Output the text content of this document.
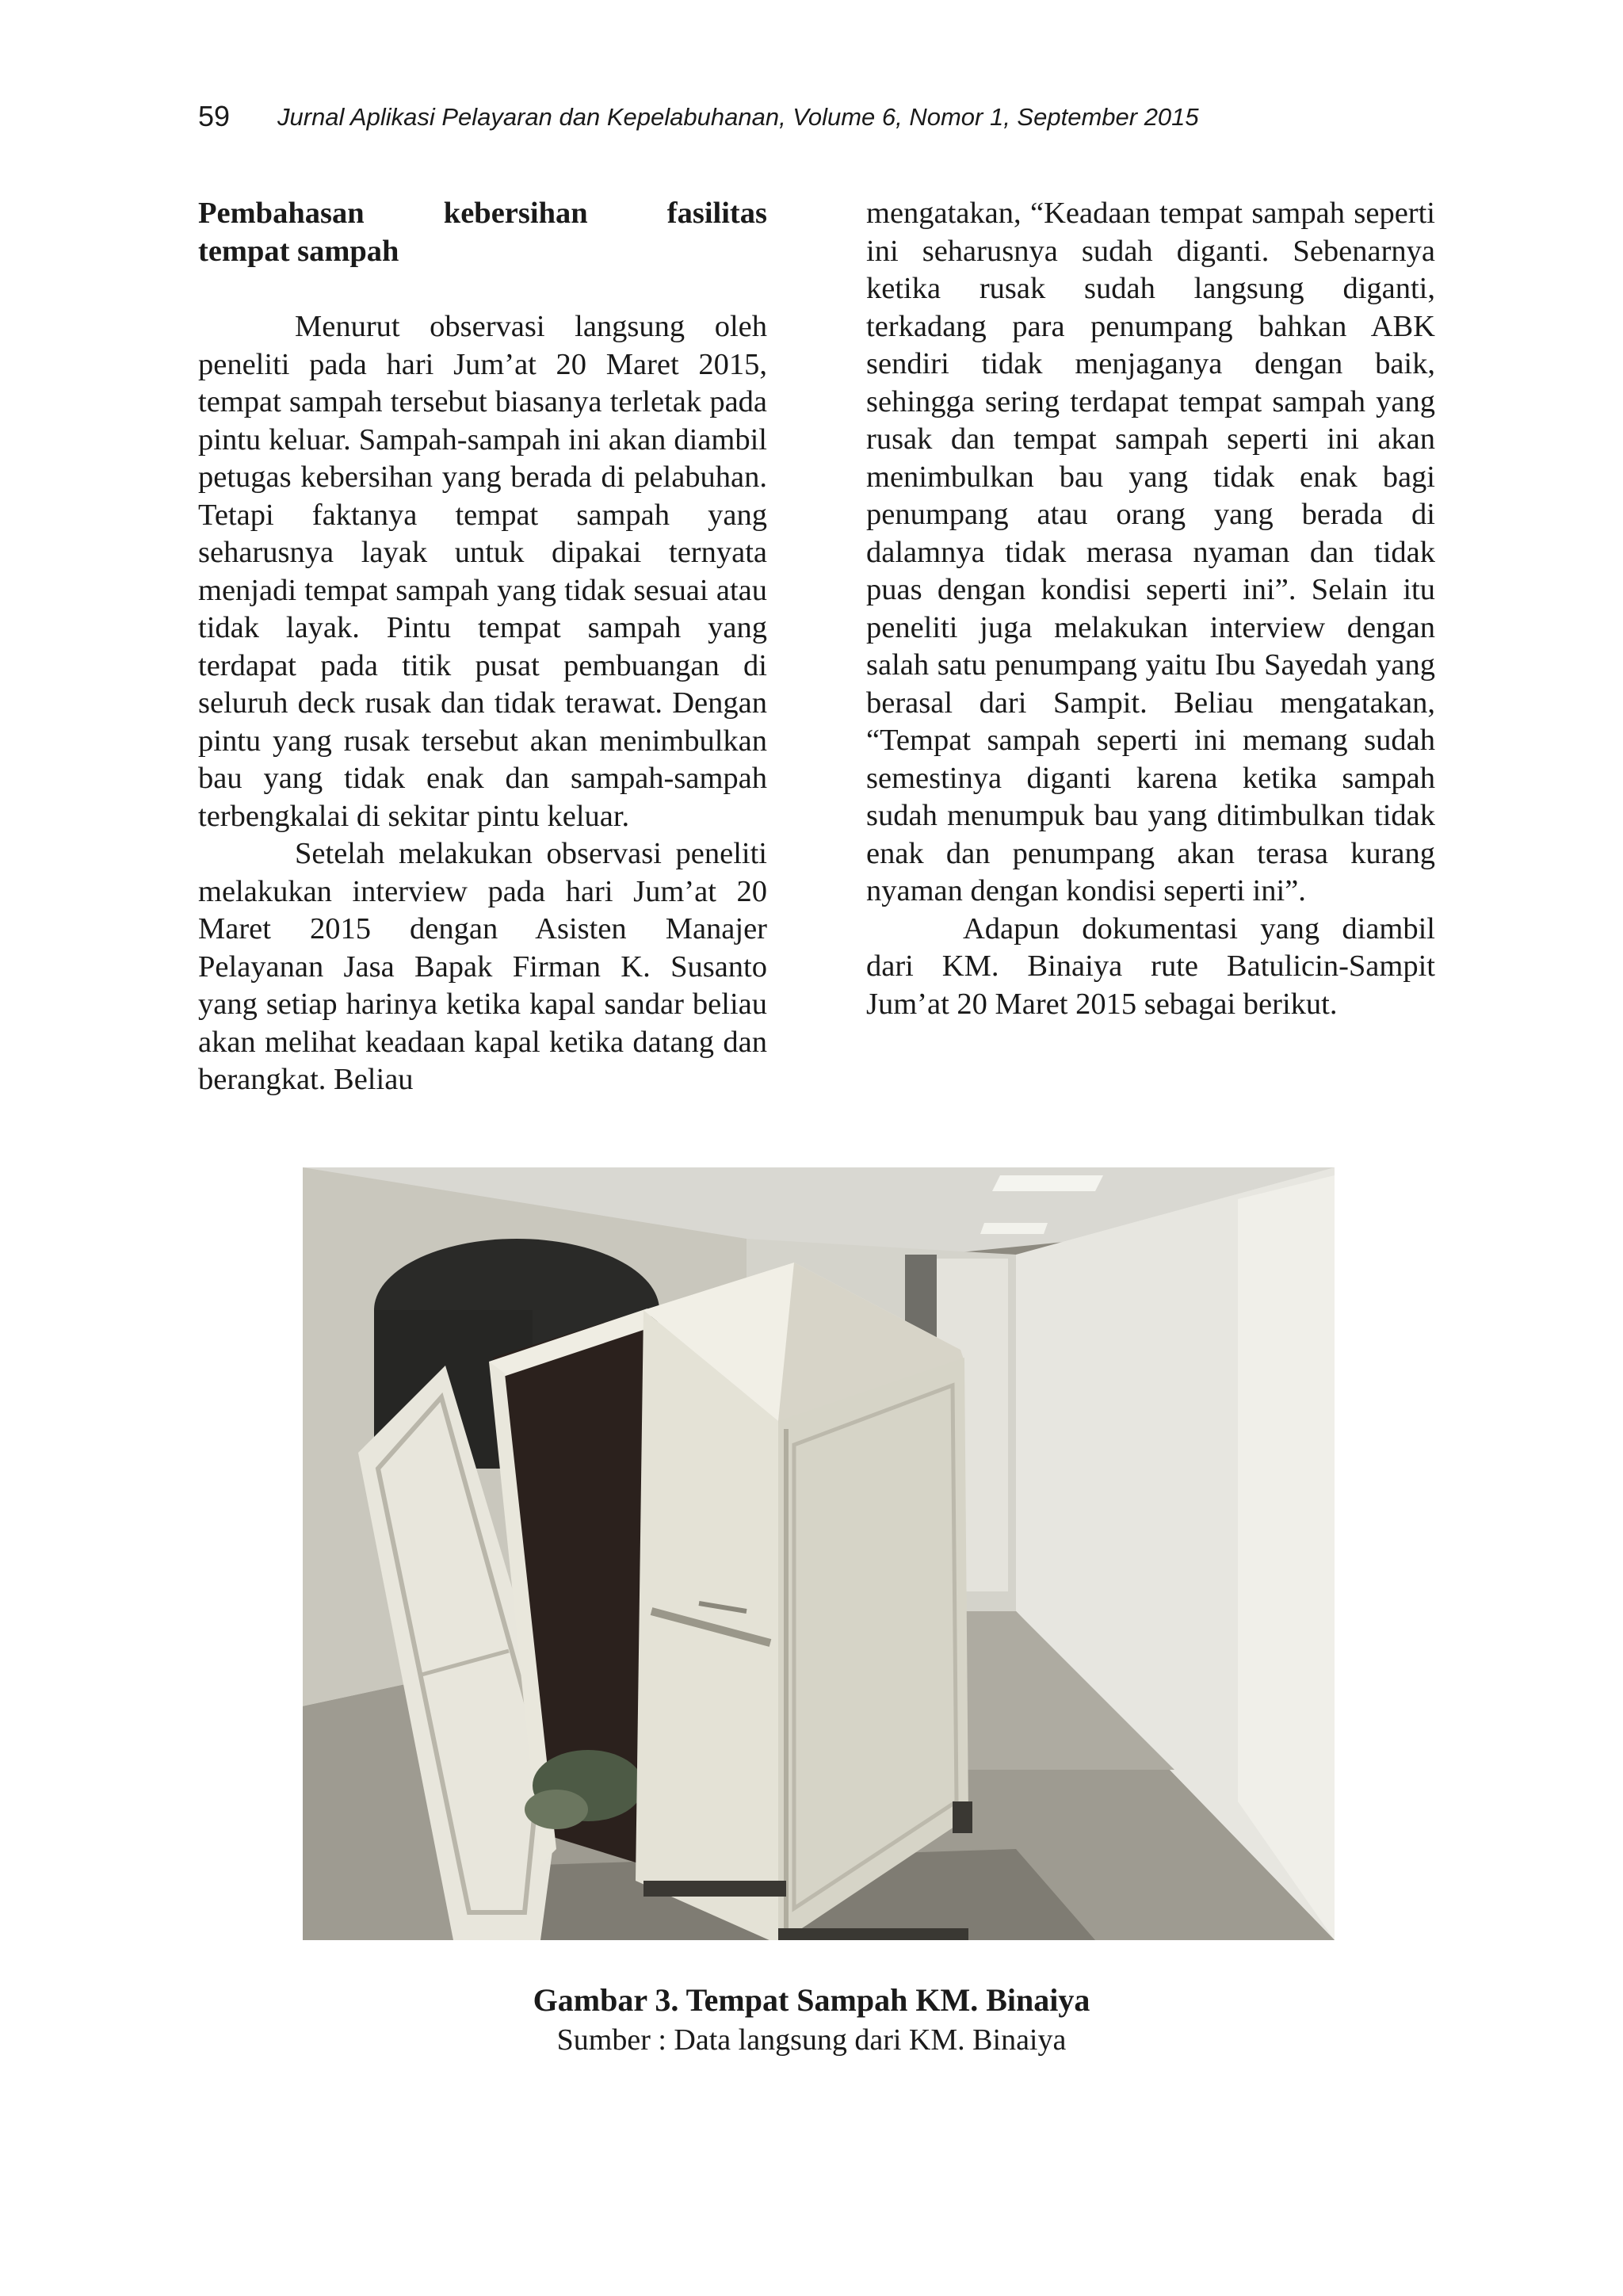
59 Jurnal Aplikasi Pelayaran dan Kepelabuhanan, Volume 6, Nomor 1, September 2015
Pembahasan	kebersihan	fasilitas
tempat sampah

Menurut observasi langsung oleh peneliti pada hari Jum’at 20 Maret 2015, tempat sampah tersebut biasanya terletak pada pintu keluar. Sampah-sampah ini akan diambil petugas kebersihan yang berada di pelabuhan. Tetapi faktanya tempat sampah yang seharusnya layak untuk dipakai ternyata menjadi tempat sampah yang tidak sesuai atau tidak layak. Pintu tempat sampah yang terdapat pada titik pusat pembuangan di seluruh deck rusak dan tidak terawat. Dengan pintu yang rusak tersebut akan menimbulkan bau yang tidak enak dan sampah-sampah terbengkalai di sekitar pintu keluar.

Setelah melakukan observasi peneliti melakukan interview pada hari Jum’at 20 Maret 2015 dengan Asisten Manajer Pelayanan Jasa Bapak Firman K. Susanto yang setiap harinya ketika kapal sandar beliau akan melihat keadaan kapal ketika datang dan berangkat. Beliau

mengatakan, “Keadaan tempat sampah seperti ini seharusnya sudah diganti. Sebenarnya ketika rusak sudah langsung diganti, terkadang para penumpang bahkan ABK sendiri tidak menjaganya dengan baik, sehingga sering terdapat tempat sampah yang rusak dan tempat sampah seperti ini akan menimbulkan bau yang tidak enak bagi penumpang atau orang yang berada di dalamnya tidak merasa nyaman dan tidak puas dengan kondisi seperti ini”. Selain itu peneliti juga melakukan interview dengan salah satu penumpang yaitu Ibu Sayedah yang berasal dari Sampit. Beliau mengatakan, “Tempat sampah seperti ini memang sudah semestinya diganti karena ketika sampah sudah menumpuk bau yang ditimbulkan tidak enak dan penumpang akan terasa kurang nyaman dengan kondisi seperti ini”.

Adapun dokumentasi yang diambil dari KM. Binaiya rute Batulicin-Sampit Jum’at 20 Maret 2015 sebagai berikut.

Gambar 3. Tempat Sampah KM. Binaiya
Sumber : Data langsung dari KM. Binaiya
